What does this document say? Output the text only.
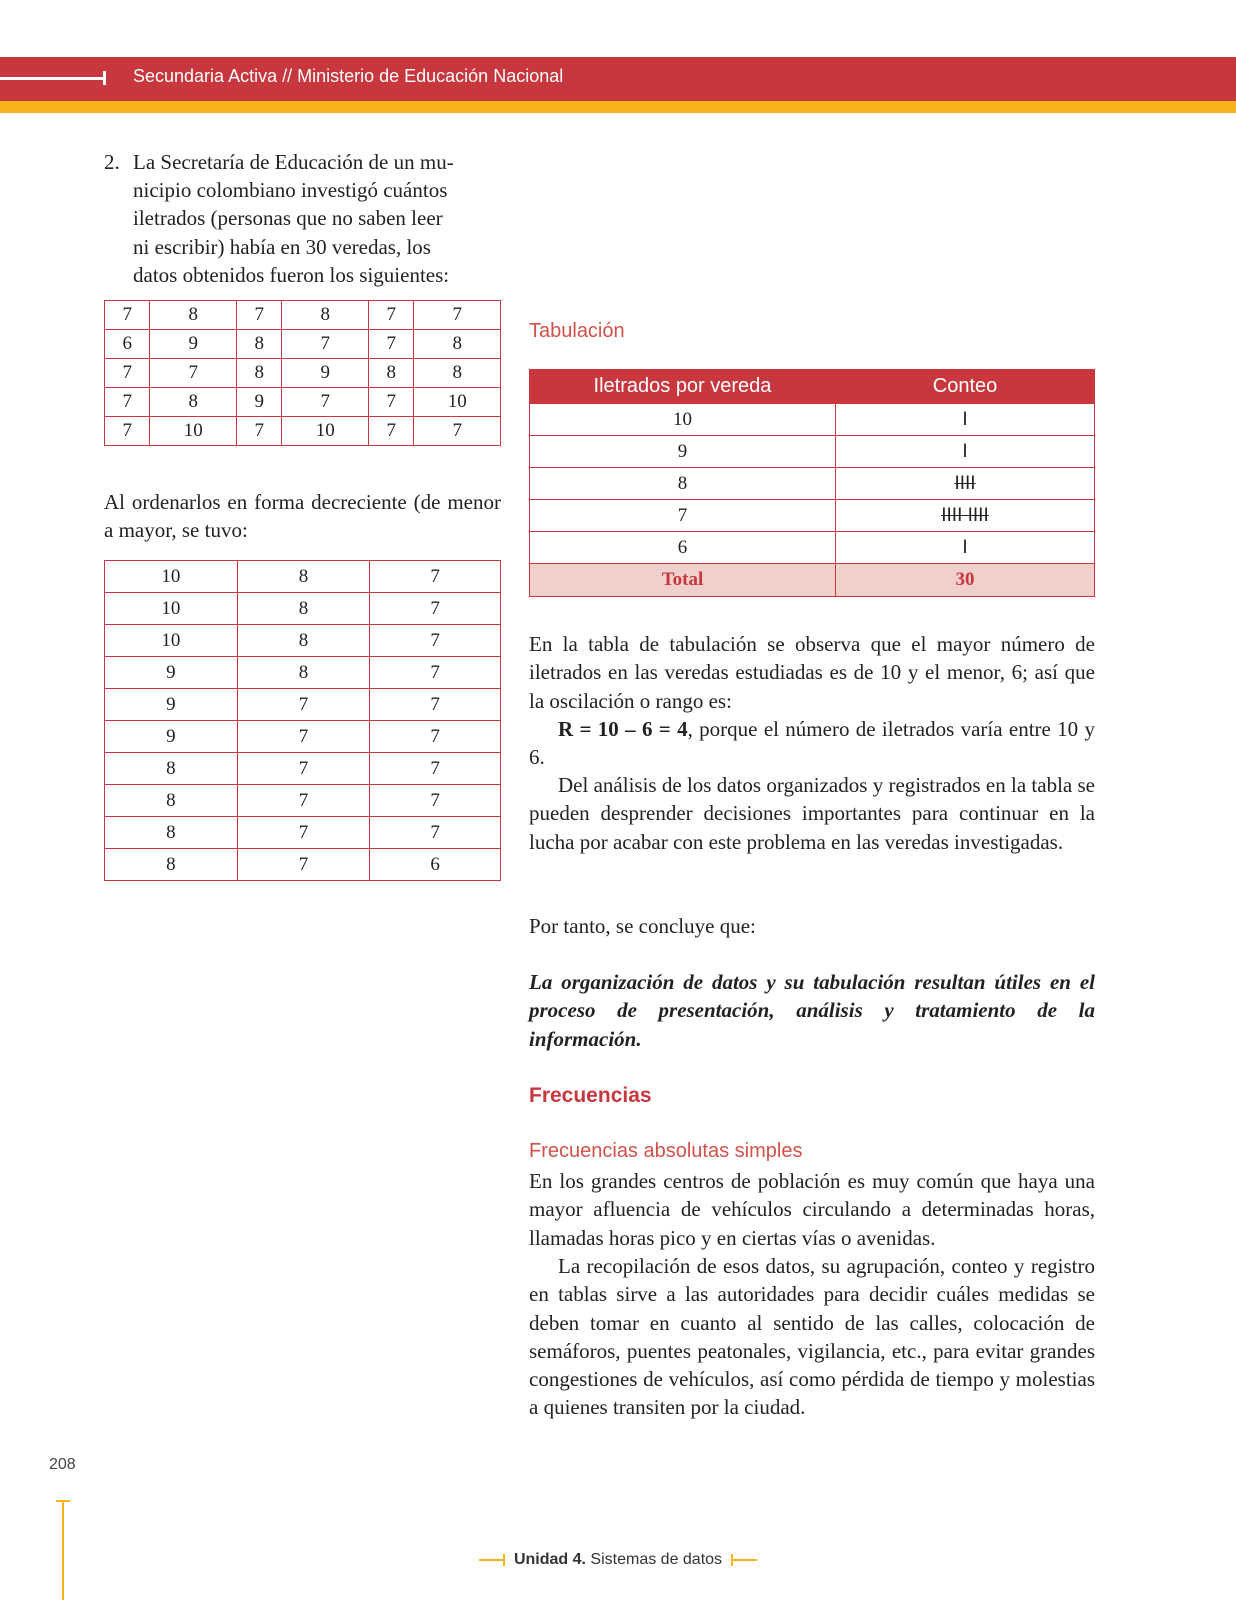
Secundaria Activa // Ministerio de Educación Nacional
2. La Secretaría de Educación de un mu-
nicipio colombiano investigó cuántos
iletrados (personas que no saben leer
ni escribir) había en 30 veredas, los
datos obtenidos fueron los siguientes:
7	8	7	8	7	7
6	9	8	7	7	8
7	7	8	9	8	8
7	8	9	7	7	10
7	10	7	10	7	7

Al ordenarlos en forma decreciente (de menor a mayor, se tuvo:

10	8	7
10	8	7
10	8	7
9	8	7
9	7	7
9	7	7
8	7	7
8	7	7
8	7	7
8	7	6
Tabulación
Iletrados por vereda	Conteo
10	I
9	I
8	IIII
7	IIII IIII
6	I
Total	30

En la tabla de tabulación se observa que el mayor número de iletrados en las veredas estudiadas es de 10 y el menor, 6; así que la oscilación o rango es:

R = 10 – 6 = 4, porque el número de iletrados varía entre 10 y 6.

Del análisis de los datos organizados y registrados en la tabla se pueden desprender decisiones importantes para continuar en la lucha por acabar con este problema en las veredas investigadas.

Por tanto, se concluye que:

La organización de datos y su tabulación resultan útiles en el proceso de presentación, análisis y tratamiento de la información.

Frecuencias
Frecuencias absolutas simples

En los grandes centros de población es muy común que haya una mayor afluencia de vehículos circulando a determinadas horas, llamadas horas pico y en ciertas vías o avenidas.

La recopilación de esos datos, su agrupación, conteo y registro en tablas sirve a las autoridades para decidir cuáles medidas se deben tomar en cuanto al sentido de las calles, colocación de semáforos, puentes peatonales, vigilancia, etc., para evitar grandes congestiones de vehículos, así como pérdida de tiempo y molestias a quienes transiten por la ciudad.

208
Unidad 4. Sistemas de datos
